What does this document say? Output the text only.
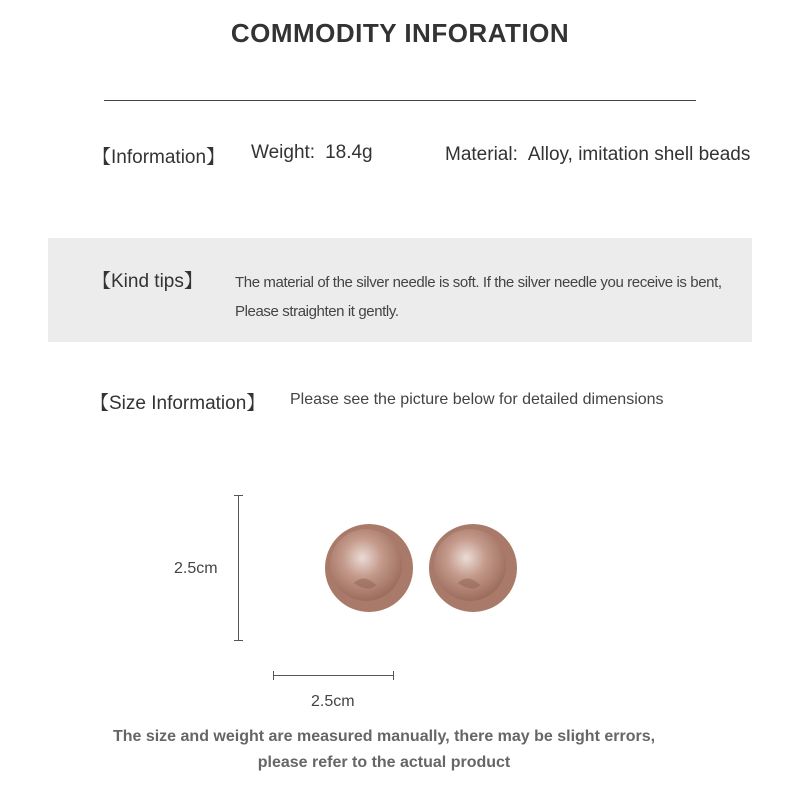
COMMODITY INFORATION
【Information】 Weight: 18.4g	Material: Alloy, imitation shell beads
【Kind tips】 The material of the silver needle is soft. If the silver needle you receive is bent,
Please straighten it gently.
【Size Information】 Please see the picture below for detailed dimensions
2.5cm
2.5cm
The size and weight are measured manually, there may be slight errors,
please refer to the actual product
